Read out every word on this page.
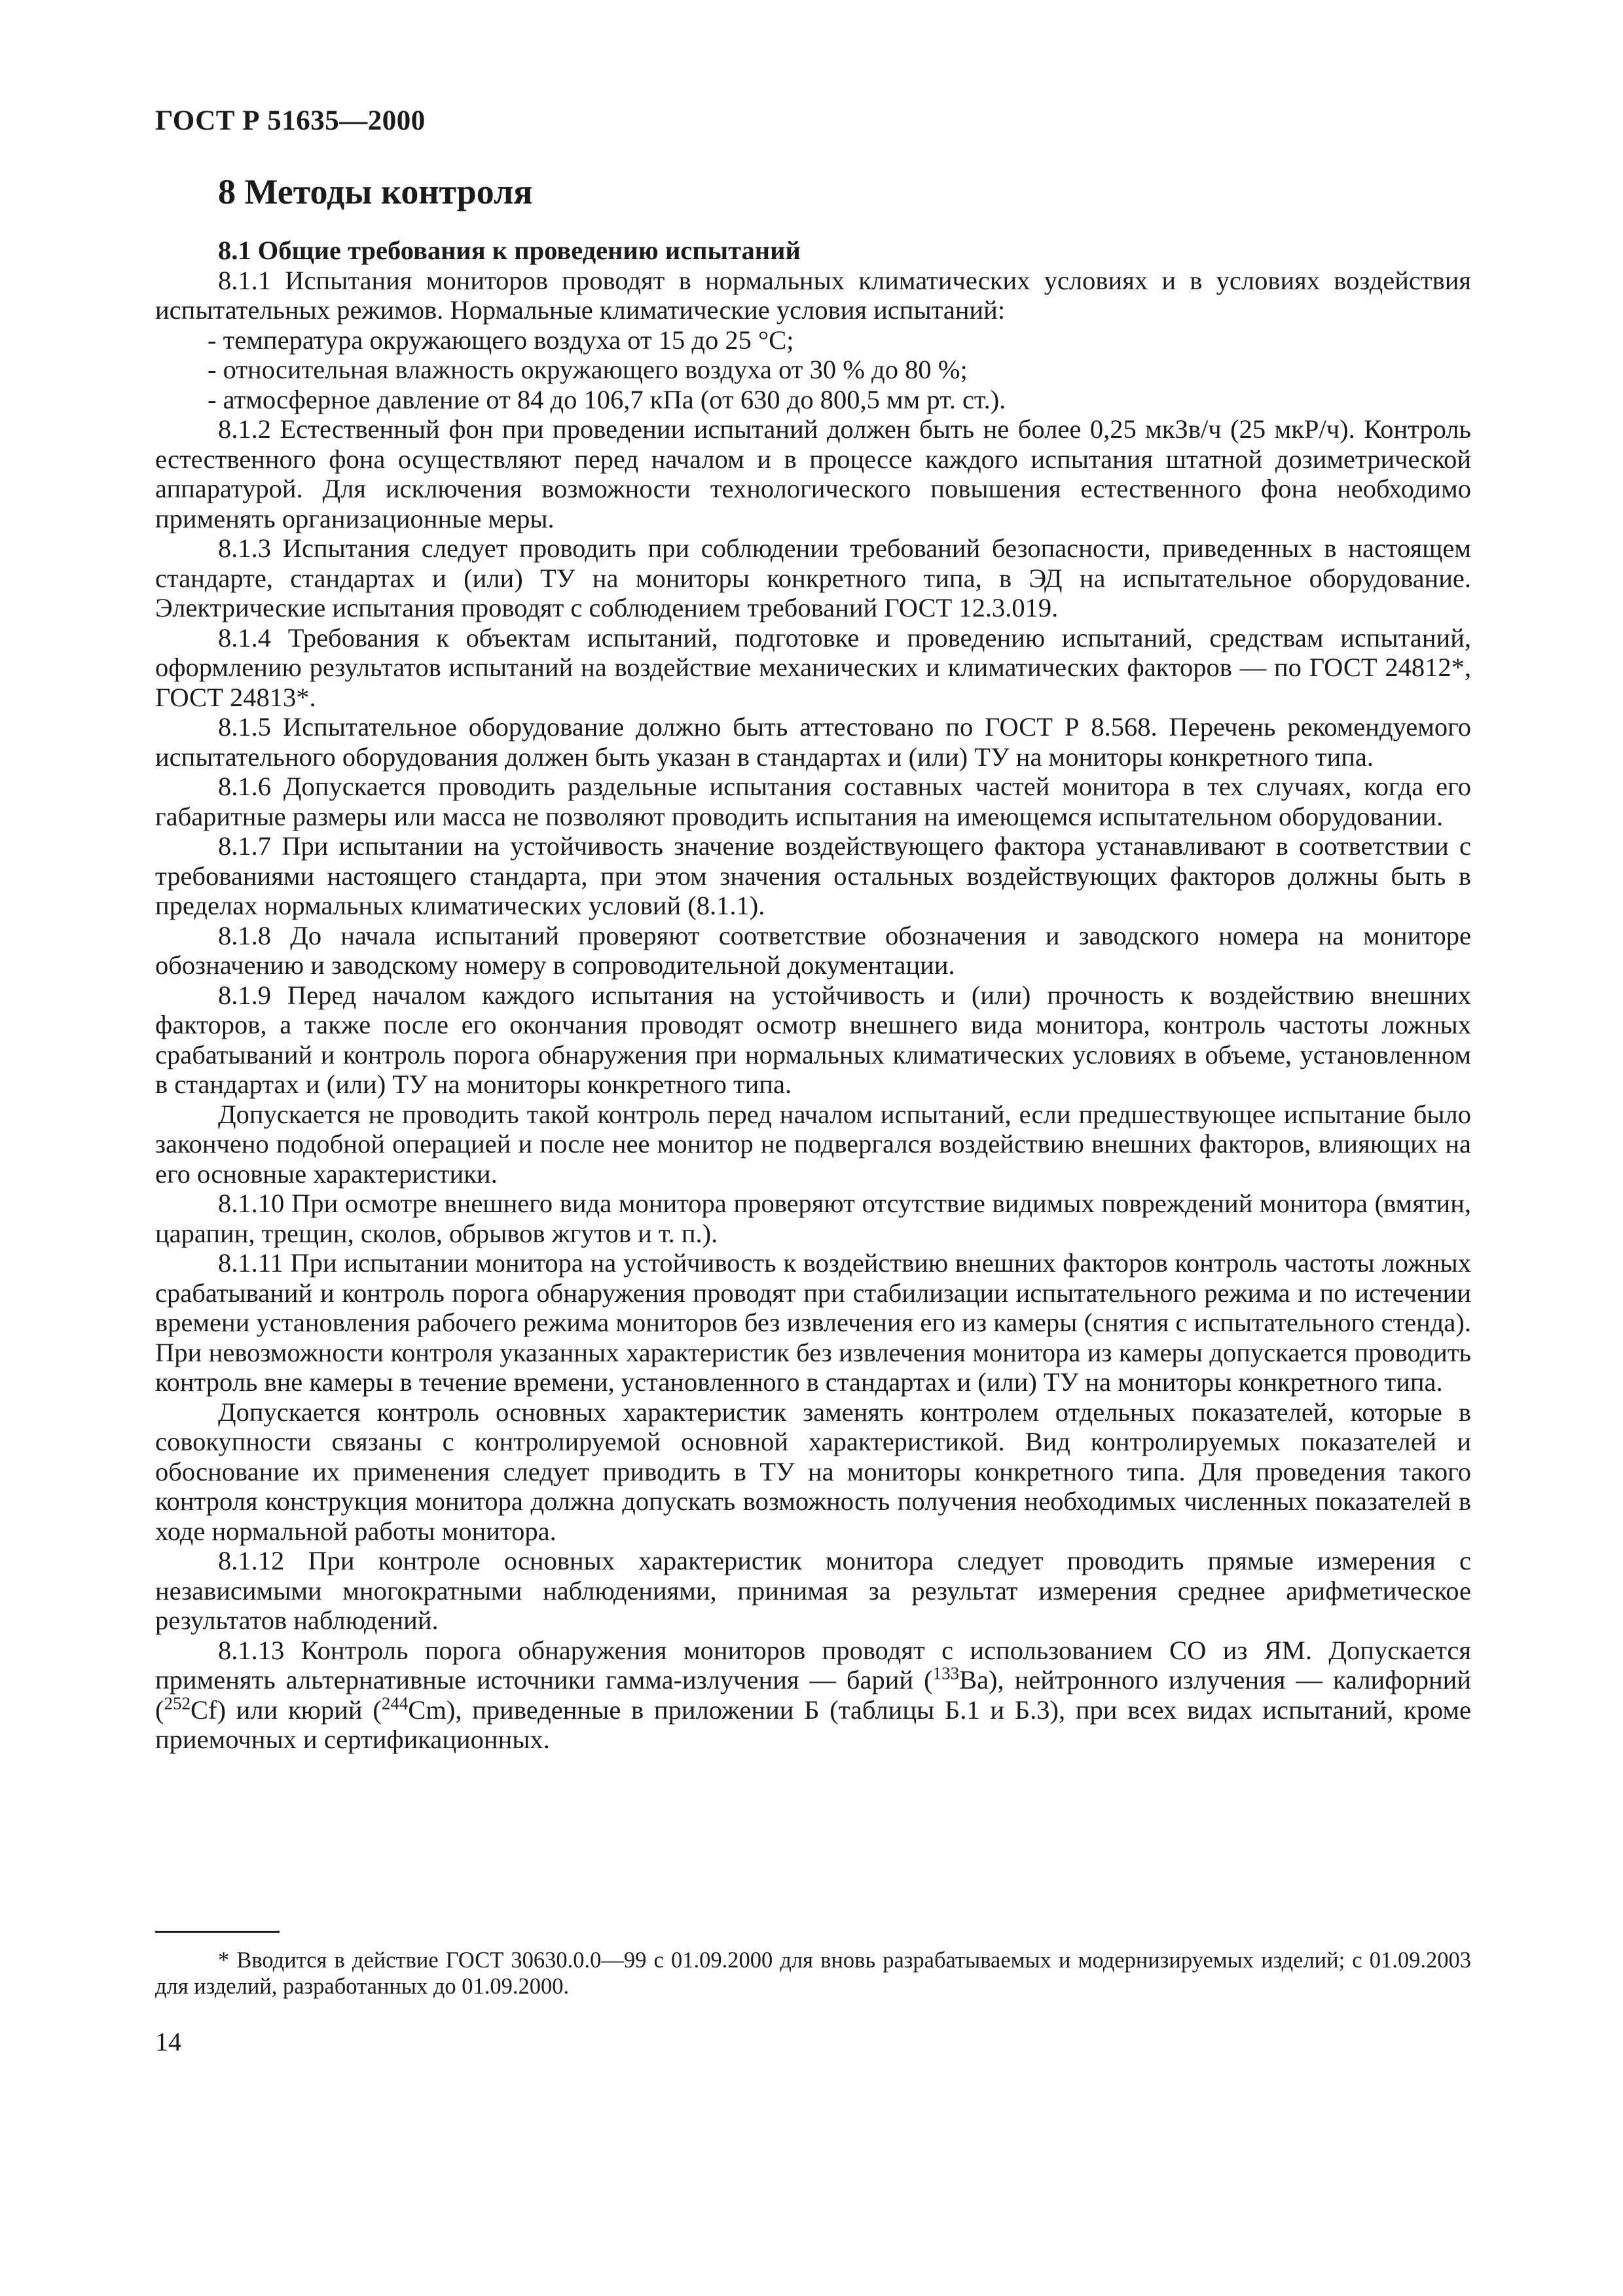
ГОСТ Р 51635—2000
8 Методы контроля

8.1 Общие требования к проведению испытаний

8.1.1 Испытания мониторов проводят в нормальных климатических условиях и в условиях воздействия испытательных режимов. Нормальные климатические условия испытаний:

- температура окружающего воздуха от 15 до 25 °С;

- относительная влажность окружающего воздуха от 30 % до 80 %;

- атмосферное давление от 84 до 106,7 кПа (от 630 до 800,5 мм рт. ст.).

8.1.2 Естественный фон при проведении испытаний должен быть не более 0,25 мкЗв/ч (25 мкР/ч). Контроль естественного фона осуществляют перед началом и в процессе каждого испытания штатной дозиметрической аппаратурой. Для исключения возможности технологического повышения естественного фона необходимо применять организационные меры.

8.1.3 Испытания следует проводить при соблюдении требований безопасности, приведенных в настоящем стандарте, стандартах и (или) ТУ на мониторы конкретного типа, в ЭД на испытательное оборудование. Электрические испытания проводят с соблюдением требований ГОСТ 12.3.019.

8.1.4 Требования к объектам испытаний, подготовке и проведению испытаний, средствам испытаний, оформлению результатов испытаний на воздействие механических и климатических факторов — по ГОСТ 24812*, ГОСТ 24813*.

8.1.5 Испытательное оборудование должно быть аттестовано по ГОСТ Р 8.568. Перечень рекомендуемого испытательного оборудования должен быть указан в стандартах и (или) ТУ на мониторы конкретного типа.

8.1.6 Допускается проводить раздельные испытания составных частей монитора в тех случаях, когда его габаритные размеры или масса не позволяют проводить испытания на имеющемся испытательном оборудовании.

8.1.7 При испытании на устойчивость значение воздействующего фактора устанавливают в соответствии с требованиями настоящего стандарта, при этом значения остальных воздействующих факторов должны быть в пределах нормальных климатических условий (8.1.1).

8.1.8 До начала испытаний проверяют соответствие обозначения и заводского номера на мониторе обозначению и заводскому номеру в сопроводительной документации.

8.1.9 Перед началом каждого испытания на устойчивость и (или) прочность к воздействию внешних факторов, а также после его окончания проводят осмотр внешнего вида монитора, контроль частоты ложных срабатываний и контроль порога обнаружения при нормальных климатических условиях в объеме, установленном в стандартах и (или) ТУ на мониторы конкретного типа.

Допускается не проводить такой контроль перед началом испытаний, если предшествующее испытание было закончено подобной операцией и после нее монитор не подвергался воздействию внешних факторов, влияющих на его основные характеристики.

8.1.10 При осмотре внешнего вида монитора проверяют отсутствие видимых повреждений монитора (вмятин, царапин, трещин, сколов, обрывов жгутов и т. п.).

8.1.11 При испытании монитора на устойчивость к воздействию внешних факторов контроль частоты ложных срабатываний и контроль порога обнаружения проводят при стабилизации испытательного режима и по истечении времени установления рабочего режима мониторов без извлечения его из камеры (снятия с испытательного стенда). При невозможности контроля указанных характеристик без извлечения монитора из камеры допускается проводить контроль вне камеры в течение времени, установленного в стандартах и (или) ТУ на мониторы конкретного типа.

Допускается контроль основных характеристик заменять контролем отдельных показателей, которые в совокупности связаны с контролируемой основной характеристикой. Вид контролируемых показателей и обоснование их применения следует приводить в ТУ на мониторы конкретного типа. Для проведения такого контроля конструкция монитора должна допускать возможность получения необходимых численных показателей в ходе нормальной работы монитора.

8.1.12 При контроле основных характеристик монитора следует проводить прямые измерения с независимыми многократными наблюдениями, принимая за результат измерения среднее арифметическое результатов наблюдений.

8.1.13 Контроль порога обнаружения мониторов проводят с использованием СО из ЯМ. Допускается применять альтернативные источники гамма-излучения — барий ($^{133}$Ba), нейтронного излучения — калифорний ($^{252}$Cf) или кюрий ($^{244}$Cm), приведенные в приложении Б (таблицы Б.1 и Б.3), при всех видах испытаний, кроме приемочных и сертификационных.

* Вводится в действие ГОСТ 30630.0.0—99 с 01.09.2000 для вновь разрабатываемых и модернизируемых изделий; с 01.09.2003 для изделий, разработанных до 01.09.2000.

14
